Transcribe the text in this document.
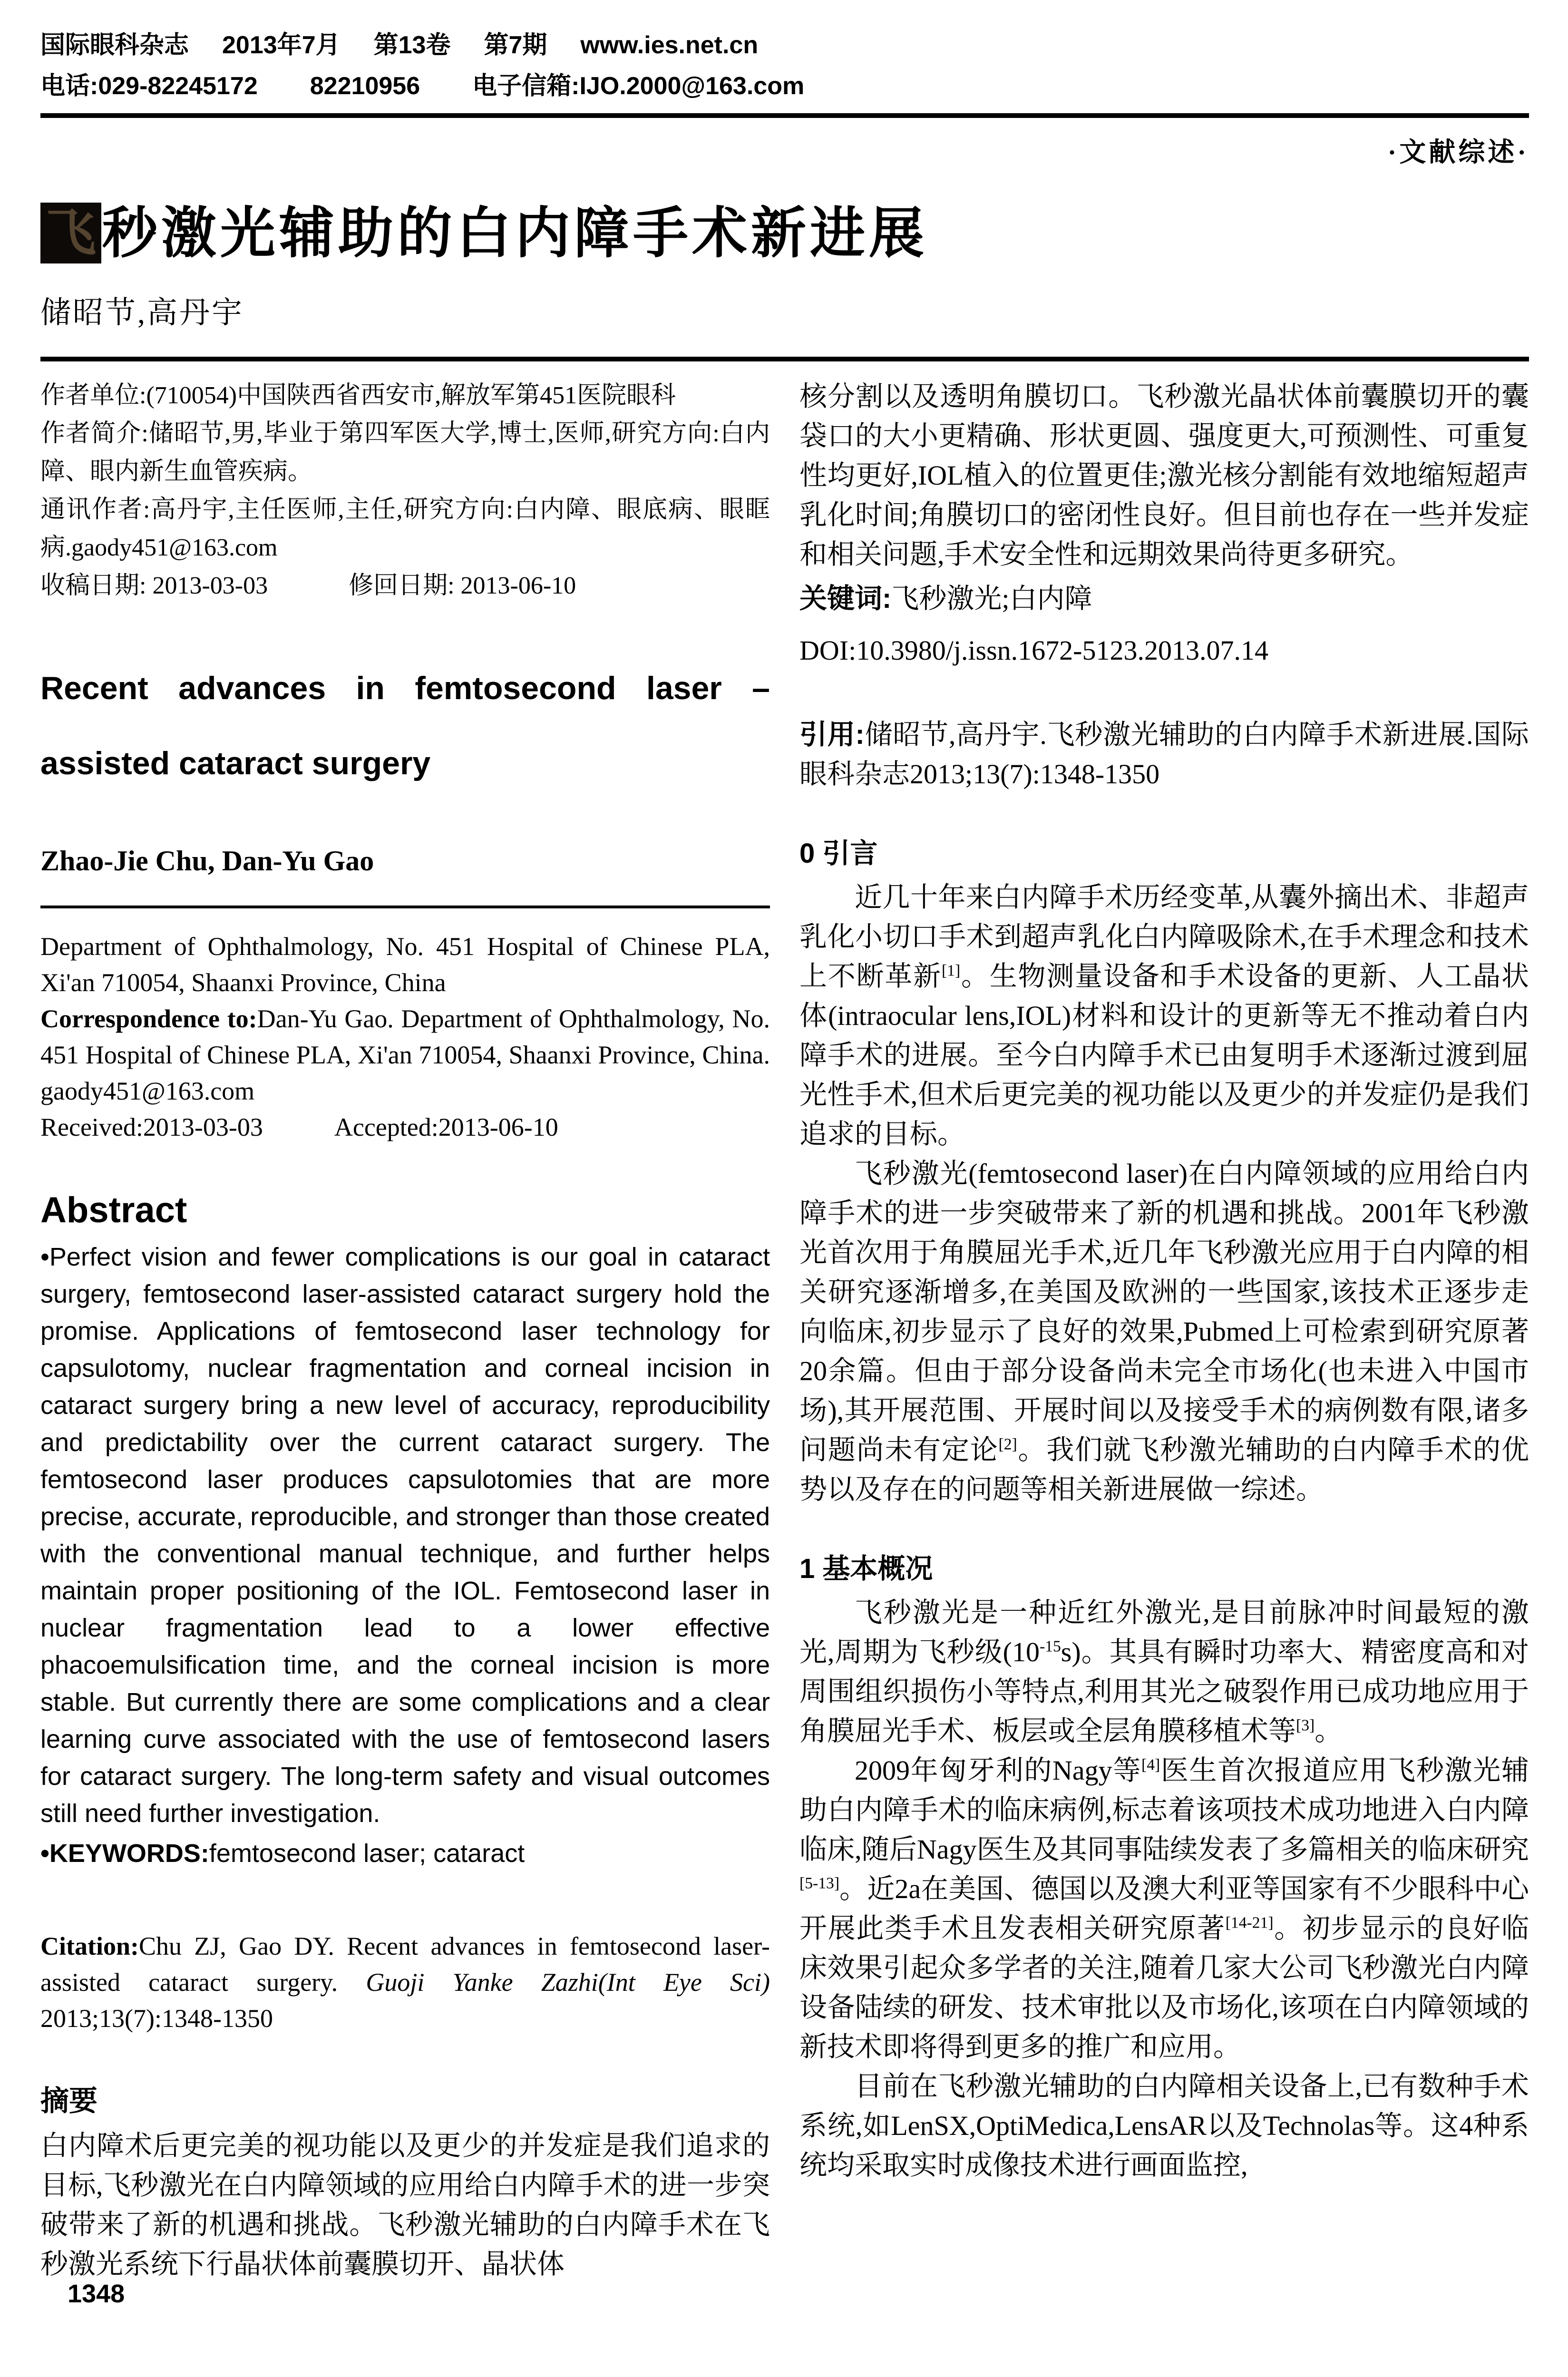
国际眼科杂志 2013年7月 第13卷 第7期 www.ies.net.cn
电话:029-82245172 82210956 电子信箱:IJO.2000@163.com
·文献综述·
飞 秒激光辅助的白内障手术新进展
储昭节,高丹宇
作者单位:(710054)中国陕西省西安市,解放军第451医院眼科
作者简介:储昭节,男,毕业于第四军医大学,博士,医师,研究方向:白内障、眼内新生血管疾病。
通讯作者:高丹宇,主任医师,主任,研究方向:白内障、眼底病、眼眶病.gaody451@163.com
收稿日期: 2013-03-03	修回日期: 2013-06-10
Recent advances in femtosecond laser –
assisted cataract surgery
Zhao-Jie Chu, Dan-Yu Gao
Department of Ophthalmology, No. 451 Hospital of Chinese PLA, Xi'an 710054, Shaanxi Province, China
Correspondence to:Dan-Yu Gao. Department of Ophthalmology, No. 451 Hospital of Chinese PLA, Xi'an 710054, Shaanxi Province, China. gaody451@163.com
Received:2013-03-03	Accepted:2013-06-10
Abstract
•Perfect vision and fewer complications is our goal in cataract surgery, femtosecond laser-assisted cataract surgery hold the promise. Applications of femtosecond laser technology for capsulotomy, nuclear fragmentation and corneal incision in cataract surgery bring a new level of accuracy, reproducibility and predictability over the current cataract surgery. The femtosecond laser produces capsulotomies that are more precise, accurate, reproducible, and stronger than those created with the conventional manual technique, and further helps maintain proper positioning of the IOL. Femtosecond laser in nuclear fragmentation lead to a lower effective phacoemulsification time, and the corneal incision is more stable. But currently there are some complications and a clear learning curve associated with the use of femtosecond lasers for cataract surgery. The long-term safety and visual outcomes still need further investigation.
•KEYWORDS:femtosecond laser; cataract
Citation:Chu ZJ, Gao DY. Recent advances in femtosecond laser-assisted cataract surgery. Guoji Yanke Zazhi(Int Eye Sci) 2013;13(7):1348-1350
摘要
白内障术后更完美的视功能以及更少的并发症是我们追求的目标,飞秒激光在白内障领域的应用给白内障手术的进一步突破带来了新的机遇和挑战。飞秒激光辅助的白内障手术在飞秒激光系统下行晶状体前囊膜切开、晶状体
核分割以及透明角膜切口。飞秒激光晶状体前囊膜切开的囊袋口的大小更精确、形状更圆、强度更大,可预测性、可重复性均更好,IOL植入的位置更佳;激光核分割能有效地缩短超声乳化时间;角膜切口的密闭性良好。但目前也存在一些并发症和相关问题,手术安全性和远期效果尚待更多研究。
关键词:飞秒激光;白内障
DOI:10.3980/j.issn.1672-5123.2013.07.14
引用:储昭节,高丹宇.飞秒激光辅助的白内障手术新进展.国际眼科杂志2013;13(7):1348-1350
0 引言
近几十年来白内障手术历经变革,从囊外摘出术、非超声乳化小切口手术到超声乳化白内障吸除术,在手术理念和技术上不断革新[1]。生物测量设备和手术设备的更新、人工晶状体(intraocular lens,IOL)材料和设计的更新等无不推动着白内障手术的进展。至今白内障手术已由复明手术逐渐过渡到屈光性手术,但术后更完美的视功能以及更少的并发症仍是我们追求的目标。
飞秒激光(femtosecond laser)在白内障领域的应用给白内障手术的进一步突破带来了新的机遇和挑战。2001年飞秒激光首次用于角膜屈光手术,近几年飞秒激光应用于白内障的相关研究逐渐增多,在美国及欧洲的一些国家,该技术正逐步走向临床,初步显示了良好的效果,Pubmed上可检索到研究原著20余篇。但由于部分设备尚未完全市场化(也未进入中国市场),其开展范围、开展时间以及接受手术的病例数有限,诸多问题尚未有定论[2]。我们就飞秒激光辅助的白内障手术的优势以及存在的问题等相关新进展做一综述。
1 基本概况
飞秒激光是一种近红外激光,是目前脉冲时间最短的激光,周期为飞秒级$(10^{-15}s)$。其具有瞬时功率大、精密度高和对周围组织损伤小等特点,利用其光之破裂作用已成功地应用于角膜屈光手术、板层或全层角膜移植术等[3]。
2009年匈牙利的Nagy等[4]医生首次报道应用飞秒激光辅助白内障手术的临床病例,标志着该项技术成功地进入白内障临床,随后Nagy医生及其同事陆续发表了多篇相关的临床研究[5-13]。近2a在美国、德国以及澳大利亚等国家有不少眼科中心开展此类手术且发表相关研究原著[14-21]。初步显示的良好临床效果引起众多学者的关注,随着几家大公司飞秒激光白内障设备陆续的研发、技术审批以及市场化,该项在白内障领域的新技术即将得到更多的推广和应用。
目前在飞秒激光辅助的白内障相关设备上,已有数种手术系统,如LenSX,OptiMedica,LensAR以及Technolas等。这4种系统均采取实时成像技术进行画面监控,
1348
